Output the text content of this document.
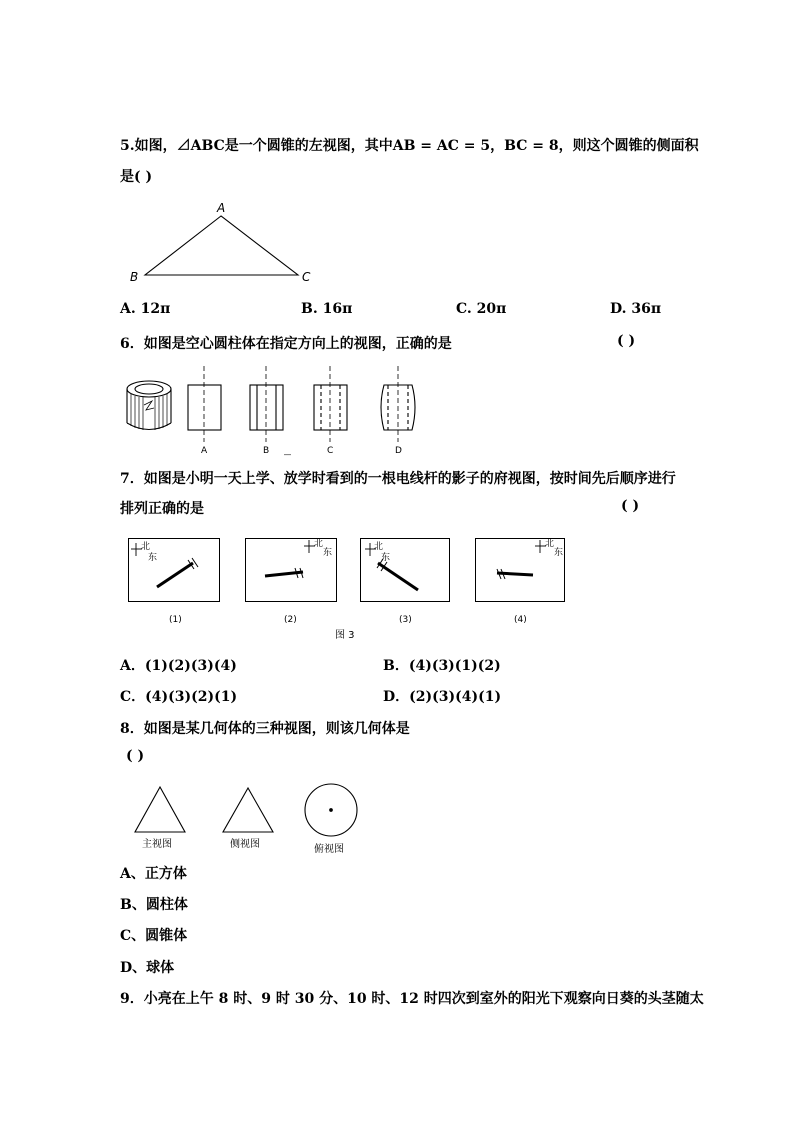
5.如图，⊿ABC是一个圆锥的左视图，其中AB = AC = 5，BC = 8，则这个圆锥的侧面积
是( )
A
B	C
A. 12π	B. 16π	C. 20π	D. 36π
6．如图是空心圆柱体在指定方向上的视图，正确的是	( )
A	B	C	D
_
7．如图是小明一天上学、放学时看到的一根电线杆的影子的府视图，按时间先后顺序进行
排列正确的是	( )
北
东
北
东
北
东
北
东
(1)	(2)	(3)	(4)
图 3
A．(1)(2)(3)(4)	B．(4)(3)(1)(2)
C．(4)(3)(2)(1)	D．(2)(3)(4)(1)
8．如图是某几何体的三种视图，则该几何体是
( )
主视图	侧视图	俯视图
A、正方体
B、圆柱体
C、圆锥体
D、球体
9．小亮在上午 8 时、9 时 30 分、10 时、12 时四次到室外的阳光下观察向日葵的头茎随太
